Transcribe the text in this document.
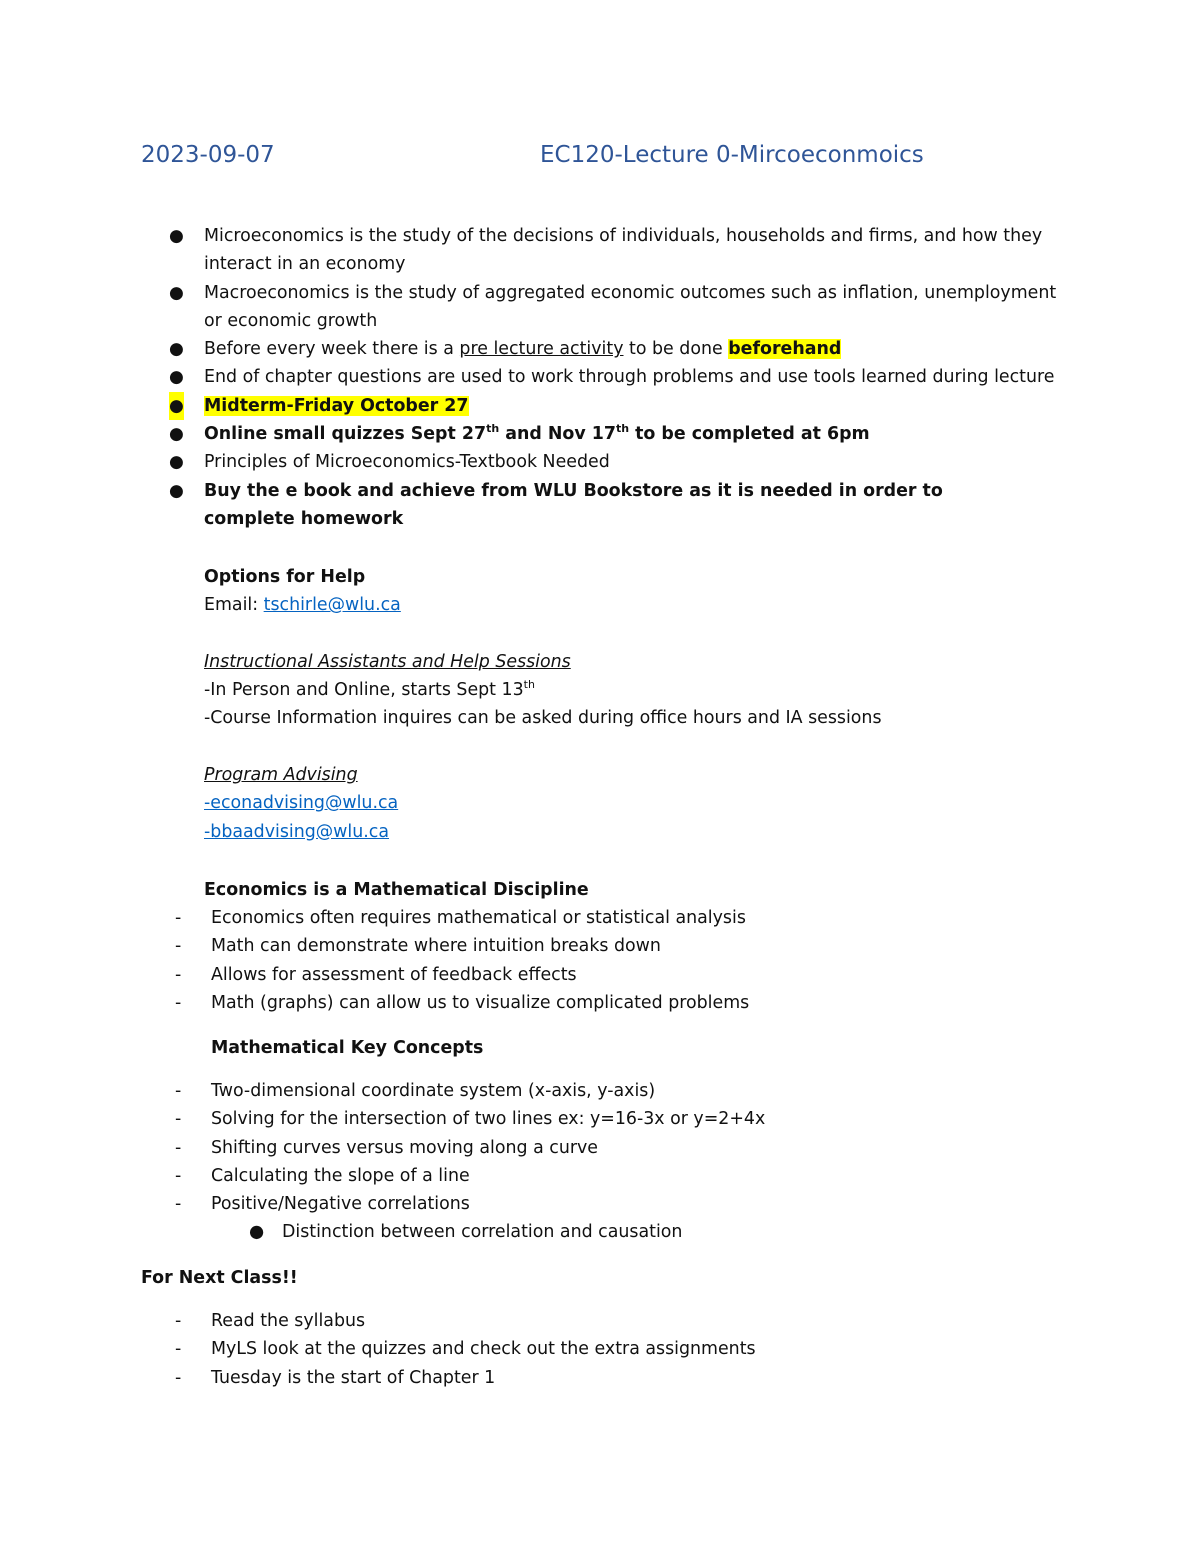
2023-09-07	EC120-Lecture 0-Mircoeconmoics
● Microeconomics is the study of the decisions of individuals, households and firms, and how they interact in an economy
● Macroeconomics is the study of aggregated economic outcomes such as inflation, unemployment or economic growth
● Before every week there is a pre lecture activity to be done beforehand
● End of chapter questions are used to work through problems and use tools learned during lecture
● Midterm-Friday October 27
● Online small quizzes Sept 27th and Nov 17th to be completed at 6pm
● Principles of Microeconomics-Textbook Needed
● Buy the e book and achieve from WLU Bookstore as it is needed in order to complete homework
Options for Help
Email: tschirle@wlu.ca
Instructional Assistants and Help Sessions
-In Person and Online, starts Sept 13th
-Course Information inquires can be asked during office hours and IA sessions
Program Advising
-econadvising@wlu.ca
-bbaadvising@wlu.ca
Economics is a Mathematical Discipline
- Economics often requires mathematical or statistical analysis
- Math can demonstrate where intuition breaks down
- Allows for assessment of feedback effects
- Math (graphs) can allow us to visualize complicated problems
Mathematical Key Concepts
- Two-dimensional coordinate system (x-axis, y-axis)
- Solving for the intersection of two lines ex: y=16-3x or y=2+4x
- Shifting curves versus moving along a curve
- Calculating the slope of a line
- Positive/Negative correlations
● Distinction between correlation and causation
For Next Class!!
- Read the syllabus
- MyLS look at the quizzes and check out the extra assignments
- Tuesday is the start of Chapter 1
